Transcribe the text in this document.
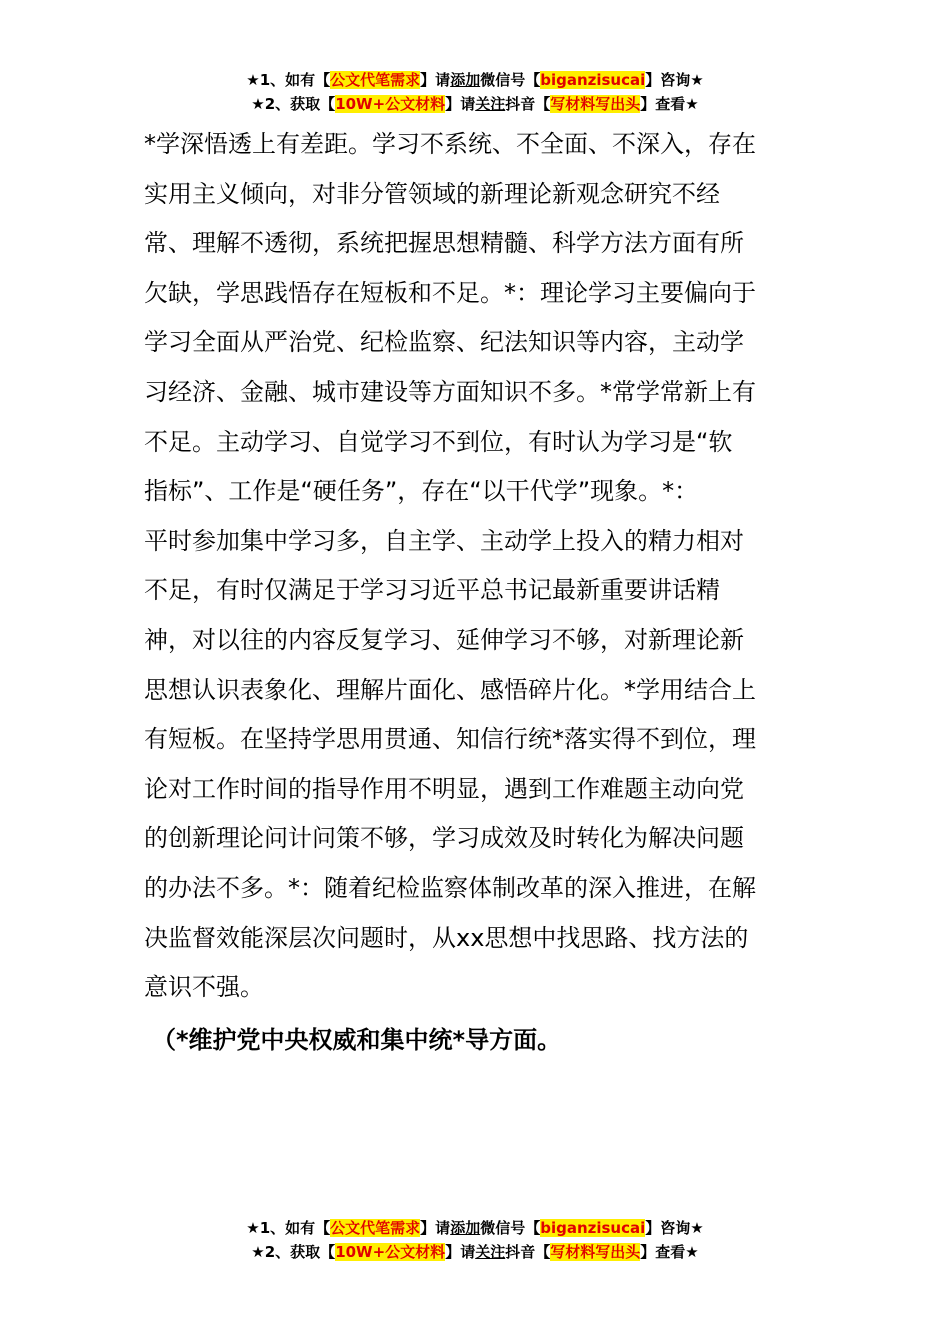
★1、如有【公文代笔需求】请添加微信号【biganzisucai】咨询★
★2、获取【10W+公文材料】请关注抖音【写材料写出头】查看★
*学深悟透上有差距。学习不系统、不全面、不深入，存在
实用主义倾向，对非分管领域的新理论新观念研究不经
常、理解不透彻，系统把握思想精髓、科学方法方面有所
欠缺，学思践悟存在短板和不足。*：理论学习主要偏向于
学习全面从严治党、纪检监察、纪法知识等内容，主动学
习经济、金融、城市建设等方面知识不多。*常学常新上有
不足。主动学习、自觉学习不到位，有时认为学习是“软
指标”、工作是“硬任务”，存在“以干代学”现象。*：
平时参加集中学习多，自主学、主动学上投入的精力相对
不足，有时仅满足于学习习近平总书记最新重要讲话精
神，对以往的内容反复学习、延伸学习不够，对新理论新
思想认识表象化、理解片面化、感悟碎片化。*学用结合上
有短板。在坚持学思用贯通、知信行统*落实得不到位，理
论对工作时间的指导作用不明显，遇到工作难题主动向党
的创新理论问计问策不够，学习成效及时转化为解决问题
的办法不多。*：随着纪检监察体制改革的深入推进，在解
决监督效能深层次问题时，从xx思想中找思路、找方法的
意识不强。
（*维护党中央权威和集中统*导方面。
★1、如有【公文代笔需求】请添加微信号【biganzisucai】咨询★
★2、获取【10W+公文材料】请关注抖音【写材料写出头】查看★
